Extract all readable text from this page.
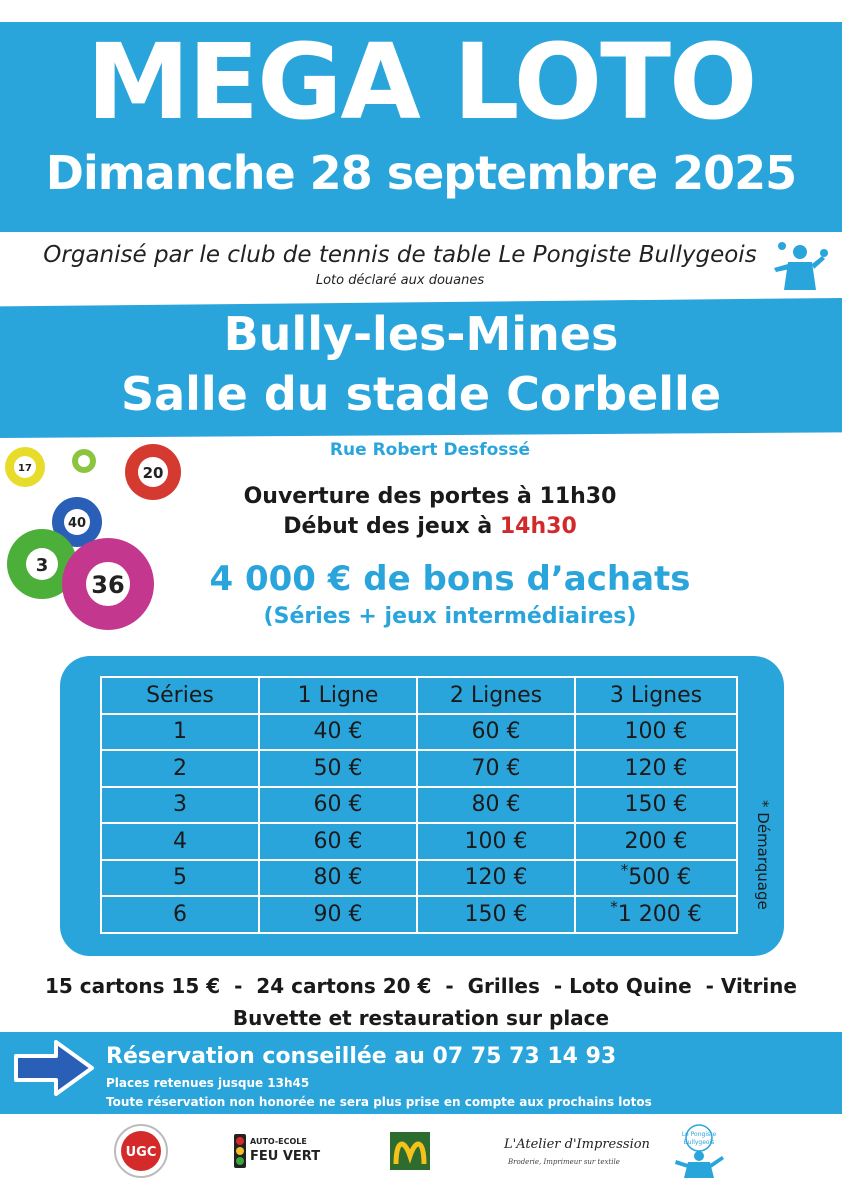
MEGA LOTO
Dimanche 28 septembre 2025
Organisé par le club de tennis de table Le Pongiste Bullygeois
Loto déclaré aux douanes
Bully-les-Mines
Salle du stade Corbelle
Rue Robert Desfossé
17	20
40
3
36
Ouverture des portes à 11h30
Début des jeux à 14h30
4 000 € de bons d’achats
(Séries + jeux intermédiaires)
Séries	1 Ligne	2 Lignes	3 Lignes
1	40 €	60 €	100 €
2	50 €	70 €	120 €
3	60 €	80 €	150 €
4	60 €	100 €	200 €
5	80 €	120 €	*500 €
6	90 €	150 €	*1 200 €
* Démarquage
15 cartons 15 €  -  24 cartons 20 €  -  Grilles  - Loto Quine  - Vitrine
Buvette et restauration sur place
Réservation conseillée au 07 75 73 14 93
Places retenues jusque 13h45
Toute réservation non honorée ne sera plus prise en compte aux prochains lotos
UGC
AUTO-ECOLE
FEU VERT
L'Atelier d'Impression
Broderie, Imprimeur sur textile
Le Pongiste
Bullygeois
